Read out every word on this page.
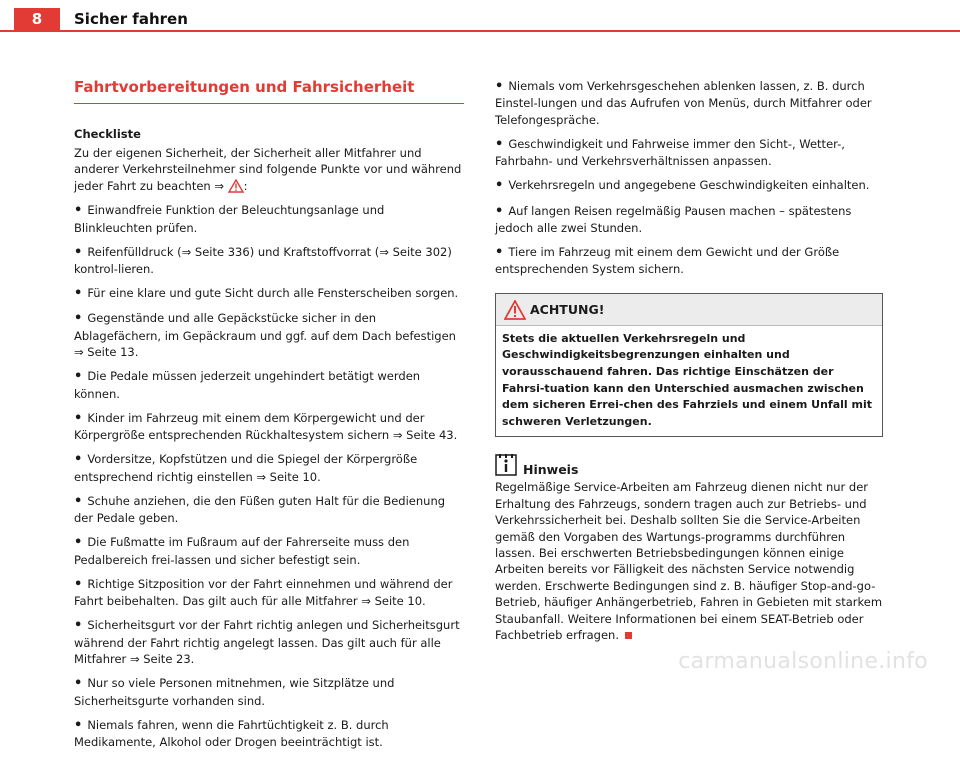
8	Sicher fahren
Fahrtvorbereitungen und Fahrsicherheit
Checkliste

Zu der eigenen Sicherheit, der Sicherheit aller Mitfahrer und anderer Verkehrsteilnehmer sind folgende Punkte vor und während jeder Fahrt zu beachten ⇒ :

• Einwandfreie Funktion der Beleuchtungsanlage und Blinkleuchten prüfen.

• Reifenfülldruck (⇒ Seite 336) und Kraftstoffvorrat (⇒ Seite 302) kontrol-lieren.

• Für eine klare und gute Sicht durch alle Fensterscheiben sorgen.

• Gegenstände und alle Gepäckstücke sicher in den Ablagefächern, im Gepäckraum und ggf. auf dem Dach befestigen ⇒ Seite 13.

• Die Pedale müssen jederzeit ungehindert betätigt werden können.

• Kinder im Fahrzeug mit einem dem Körpergewicht und der Körpergröße entsprechenden Rückhaltesystem sichern ⇒ Seite 43.

• Vordersitze, Kopfstützen und die Spiegel der Körpergröße entsprechend richtig einstellen ⇒ Seite 10.

• Schuhe anziehen, die den Füßen guten Halt für die Bedienung der Pedale geben.

• Die Fußmatte im Fußraum auf der Fahrerseite muss den Pedalbereich frei-lassen und sicher befestigt sein.

• Richtige Sitzposition vor der Fahrt einnehmen und während der Fahrt beibehalten. Das gilt auch für alle Mitfahrer ⇒ Seite 10.

• Sicherheitsgurt vor der Fahrt richtig anlegen und Sicherheitsgurt während der Fahrt richtig angelegt lassen. Das gilt auch für alle Mitfahrer ⇒ Seite 23.

• Nur so viele Personen mitnehmen, wie Sitzplätze und Sicherheitsgurte vorhanden sind.

• Niemals fahren, wenn die Fahrtüchtigkeit z. B. durch Medikamente, Alkohol oder Drogen beeinträchtigt ist.

• Niemals vom Verkehrsgeschehen ablenken lassen, z. B. durch Einstel-lungen und das Aufrufen von Menüs, durch Mitfahrer oder Telefongespräche.

• Geschwindigkeit und Fahrweise immer den Sicht-, Wetter-, Fahrbahn- und Verkehrsverhältnissen anpassen.

• Verkehrsregeln und angegebene Geschwindigkeiten einhalten.

• Auf langen Reisen regelmäßig Pausen machen – spätestens jedoch alle zwei Stunden.

• Tiere im Fahrzeug mit einem dem Gewicht und der Größe entsprechenden System sichern.

ACHTUNG!
Stets die aktuellen Verkehrsregeln und Geschwindigkeitsbegrenzungen einhalten und vorausschauend fahren. Das richtige Einschätzen der Fahrsi-tuation kann den Unterschied ausmachen zwischen dem sicheren Errei-chen des Fahrziels und einem Unfall mit schweren Verletzungen.
Hinweis

Regelmäßige Service-Arbeiten am Fahrzeug dienen nicht nur der Erhaltung des Fahrzeugs, sondern tragen auch zur Betriebs- und Verkehrssicherheit bei. Deshalb sollten Sie die Service-Arbeiten gemäß den Vorgaben des Wartungs-programms durchführen lassen. Bei erschwerten Betriebsbedingungen können einige Arbeiten bereits vor Fälligkeit des nächsten Service notwendig werden. Erschwerte Bedingungen sind z. B. häufiger Stop-and-go-Betrieb, häufiger Anhängerbetrieb, Fahren in Gebieten mit starkem Staubanfall. Weitere Informationen bei einem SEAT-Betrieb oder Fachbetrieb erfragen.

carmanualsonline.info
